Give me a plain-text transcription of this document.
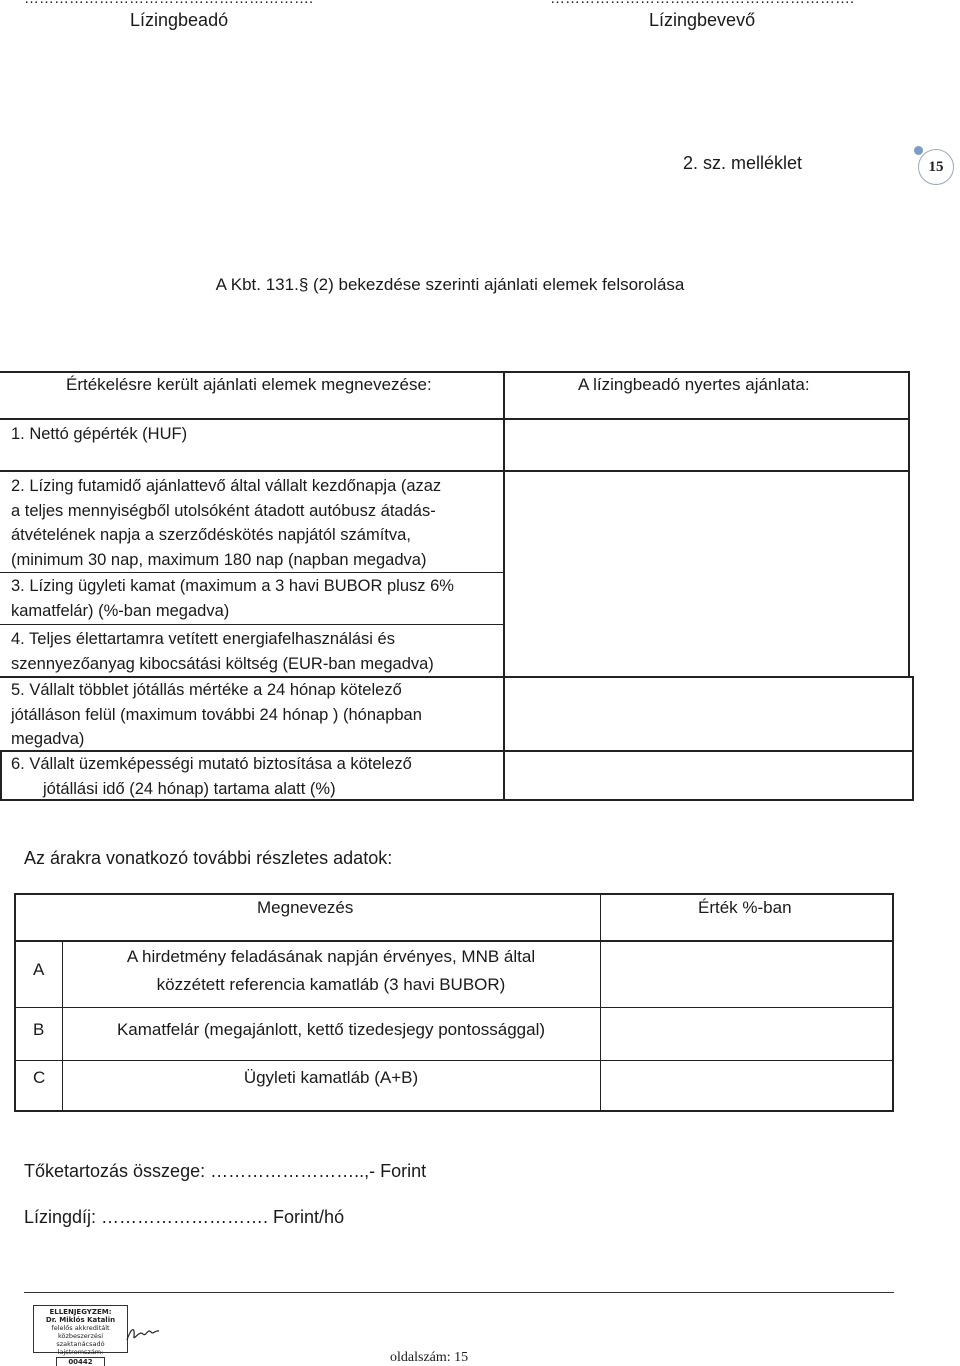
Lízingbeadó	Lízingbevevő
2. sz. melléklet	15
A Kbt. 131.§ (2) bekezdése szerinti ajánlati elemek felsorolása
Értékelésre került ajánlati elemek megnevezése:	A lízingbeadó nyertes ajánlata:
1. Nettó gépérték (HUF)
2. Lízing futamidő ajánlattevő által vállalt kezdőnapja (azaz
a teljes mennyiségből utolsóként átadott autóbusz átadás-
átvételének napja a szerződéskötés napjától számítva,
(minimum 30 nap, maximum 180 nap (napban megadva)
3. Lízing ügyleti kamat (maximum a 3 havi BUBOR plusz 6%
kamatfelár) (%-ban megadva)
4. Teljes élettartamra vetített energiafelhasználási és
szennyezőanyag kibocsátási költség (EUR-ban megadva)
5. Vállalt többlet jótállás mértéke a 24 hónap kötelező
jótálláson felül (maximum további 24 hónap ) (hónapban
megadva)
6. Vállalt üzemképességi mutató biztosítása a kötelező
jótállási idő (24 hónap) tartama alatt (%)
Az árakra vonatkozó további részletes adatok:
Megnevezés	Érték %-ban
A
A hirdetmény feladásának napján érvényes, MNB által
közzétett referencia kamatláb (3 havi BUBOR)
B	Kamatfelár (megajánlott, kettő tizedesjegy pontossággal)
C	Ügyleti kamatláb (A+B)
Tőketartozás összege: ……………………..,- Forint
Lízingdíj: ………………………. Forint/hó
ELLENJEGYZEM:
Dr. Miklós Katalin
felelős akkreditált
közbeszerzési szaktanácsadó
lajstromszám:
00442	oldalszám: 15
